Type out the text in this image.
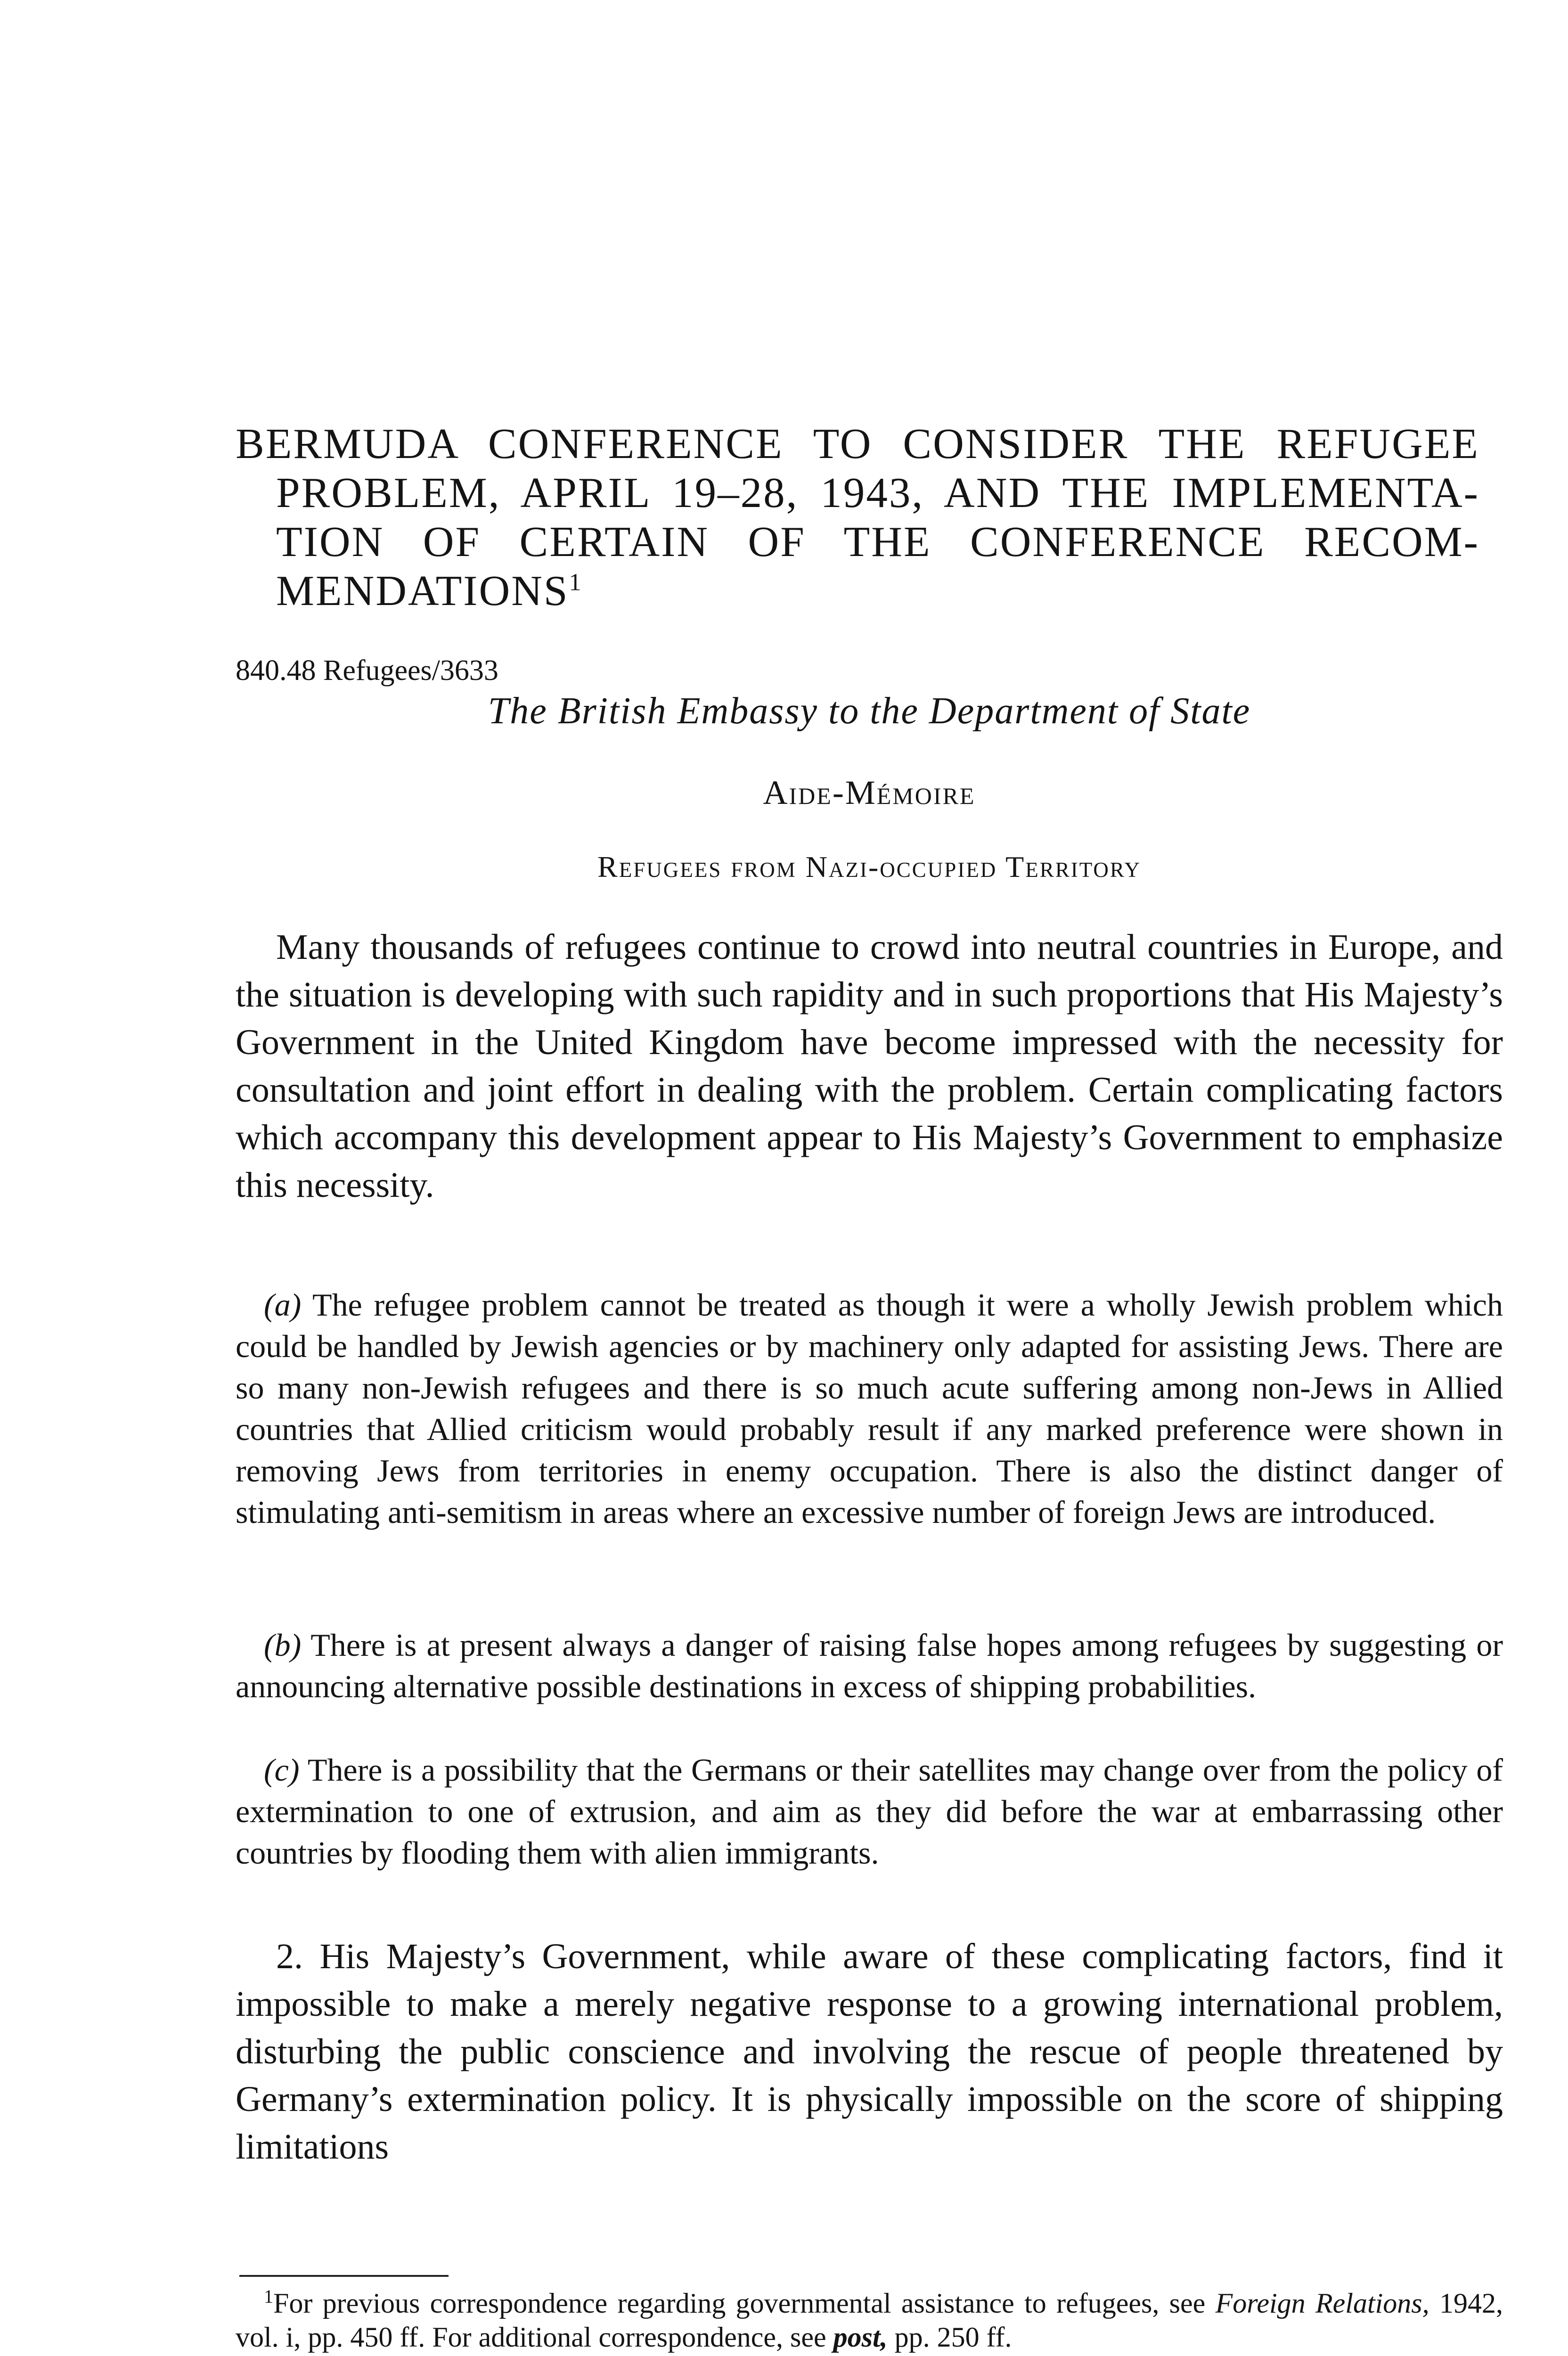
BERMUDA CONFERENCE TO CONSIDER THE REFUGEE
PROBLEM, APRIL 19–28, 1943, AND THE IMPLEMENTA-
TION OF CERTAIN OF THE CONFERENCE RECOM-
MENDATIONS$^1$
840.48 Refugees/3633
The British Embassy to the Department of State
Aide-Mémoire
Refugees from Nazi-occupied Territory

Many thousands of refugees continue to crowd into neutral countries in Europe, and the situation is developing with such rapidity and in such proportions that His Majesty’s Government in the United Kingdom have become impressed with the necessity for consultation and joint effort in dealing with the problem. Certain complicating factors which accompany this development appear to His Majesty’s Government to emphasize this necessity.

(a) The refugee problem cannot be treated as though it were a wholly Jewish problem which could be handled by Jewish agencies or by machinery only adapted for assisting Jews. There are so many non-Jewish refugees and there is so much acute suffering among non-Jews in Allied countries that Allied criticism would probably result if any marked preference were shown in removing Jews from territories in enemy occupation. There is also the distinct danger of stimulating anti-semitism in areas where an excessive number of foreign Jews are introduced.

(b) There is at present always a danger of raising false hopes among refugees by suggesting or announcing alternative possible destinations in excess of shipping probabilities.

(c) There is a possibility that the Germans or their satellites may change over from the policy of extermination to one of extrusion, and aim as they did before the war at embarrassing other countries by flooding them with alien immigrants.

2. His Majesty’s Government, while aware of these complicating factors, find it impossible to make a merely negative response to a growing international problem, disturbing the public conscience and involving the rescue of people threatened by Germany’s extermination policy. It is physically impossible on the score of shipping limitations

$^1$For previous correspondence regarding governmental assistance to refugees, see Foreign Relations, 1942, vol. i, pp. 450 ff. For additional correspondence, see post, pp. 250 ff.
